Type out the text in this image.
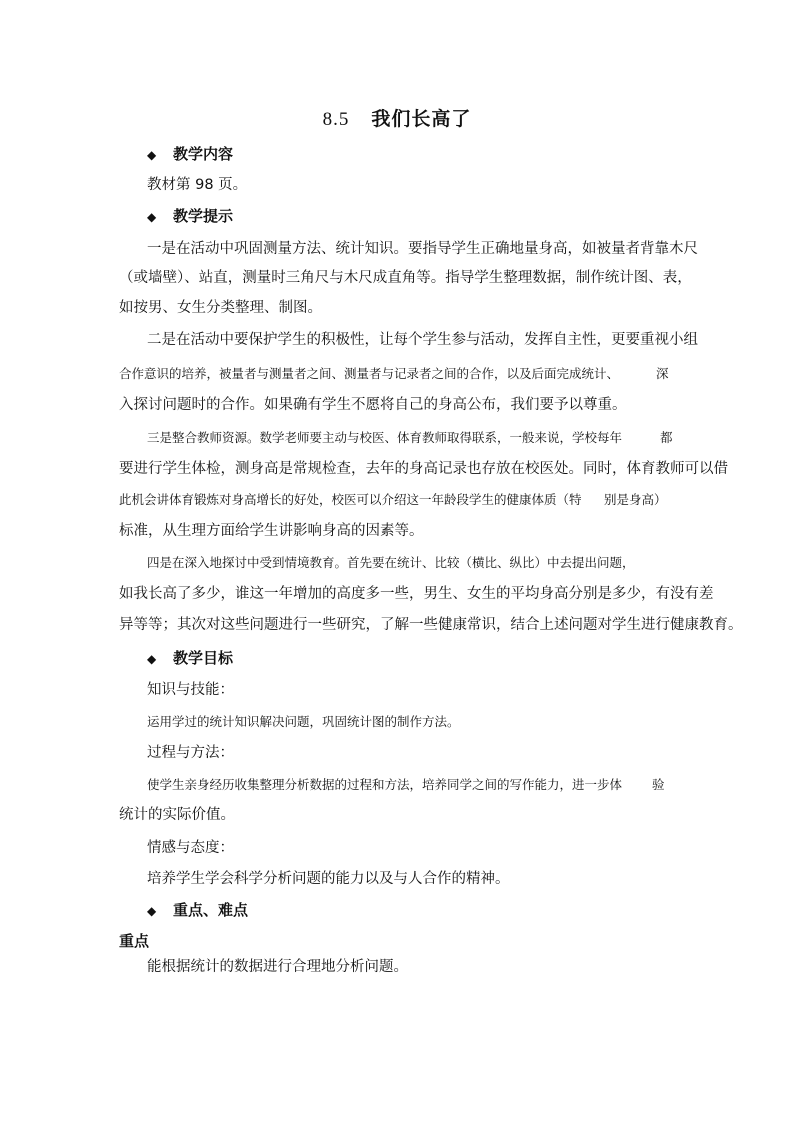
8.5 我们长高了
◆ 教学内容
教材第 98 页。
◆ 教学提示
一是在活动中巩固测量方法、统计知识。要指导学生正确地量身高，如被量者背靠木尺
（或墙壁）、站直，测量时三角尺与木尺成直角等。指导学生整理数据，制作统计图、表，
如按男、女生分类整理、制图。
二是在活动中要保护学生的积极性，让每个学生参与活动，发挥自主性，更要重视小组
合作意识的培养，被量者与测量者之间、测量者与记录者之间的合作，以及后面完成统计、	深
入探讨问题时的合作。如果确有学生不愿将自己的身高公布，我们要予以尊重。
三是整合教师资源。数学老师要主动与校医、体育教师取得联系，一般来说，学校每年	都
要进行学生体检，测身高是常规检查，去年的身高记录也存放在校医处。同时，体育教师可以借
此机会讲体育锻炼对身高增长的好处，校医可以介绍这一年龄段学生的健康体质（特 别是身高）
标准，从生理方面给学生讲影响身高的因素等。
四是在深入地探讨中受到情境教育。首先要在统计、比较（横比、纵比）中去提出问题，
如我长高了多少，谁这一年增加的高度多一些，男生、女生的平均身高分别是多少，有没有差
异等等；其次对这些问题进行一些研究，了解一些健康常识，结合上述问题对学生进行健康教育。
◆ 教学目标
知识与技能：
运用学过的统计知识解决问题，巩固统计图的制作方法。
过程与方法：
使学生亲身经历收集整理分析数据的过程和方法，培养同学之间的写作能力，进一步体 验
统计的实际价值。
情感与态度：
培养学生学会科学分析问题的能力以及与人合作的精神。
◆ 重点、难点
重点
能根据统计的数据进行合理地分析问题。
